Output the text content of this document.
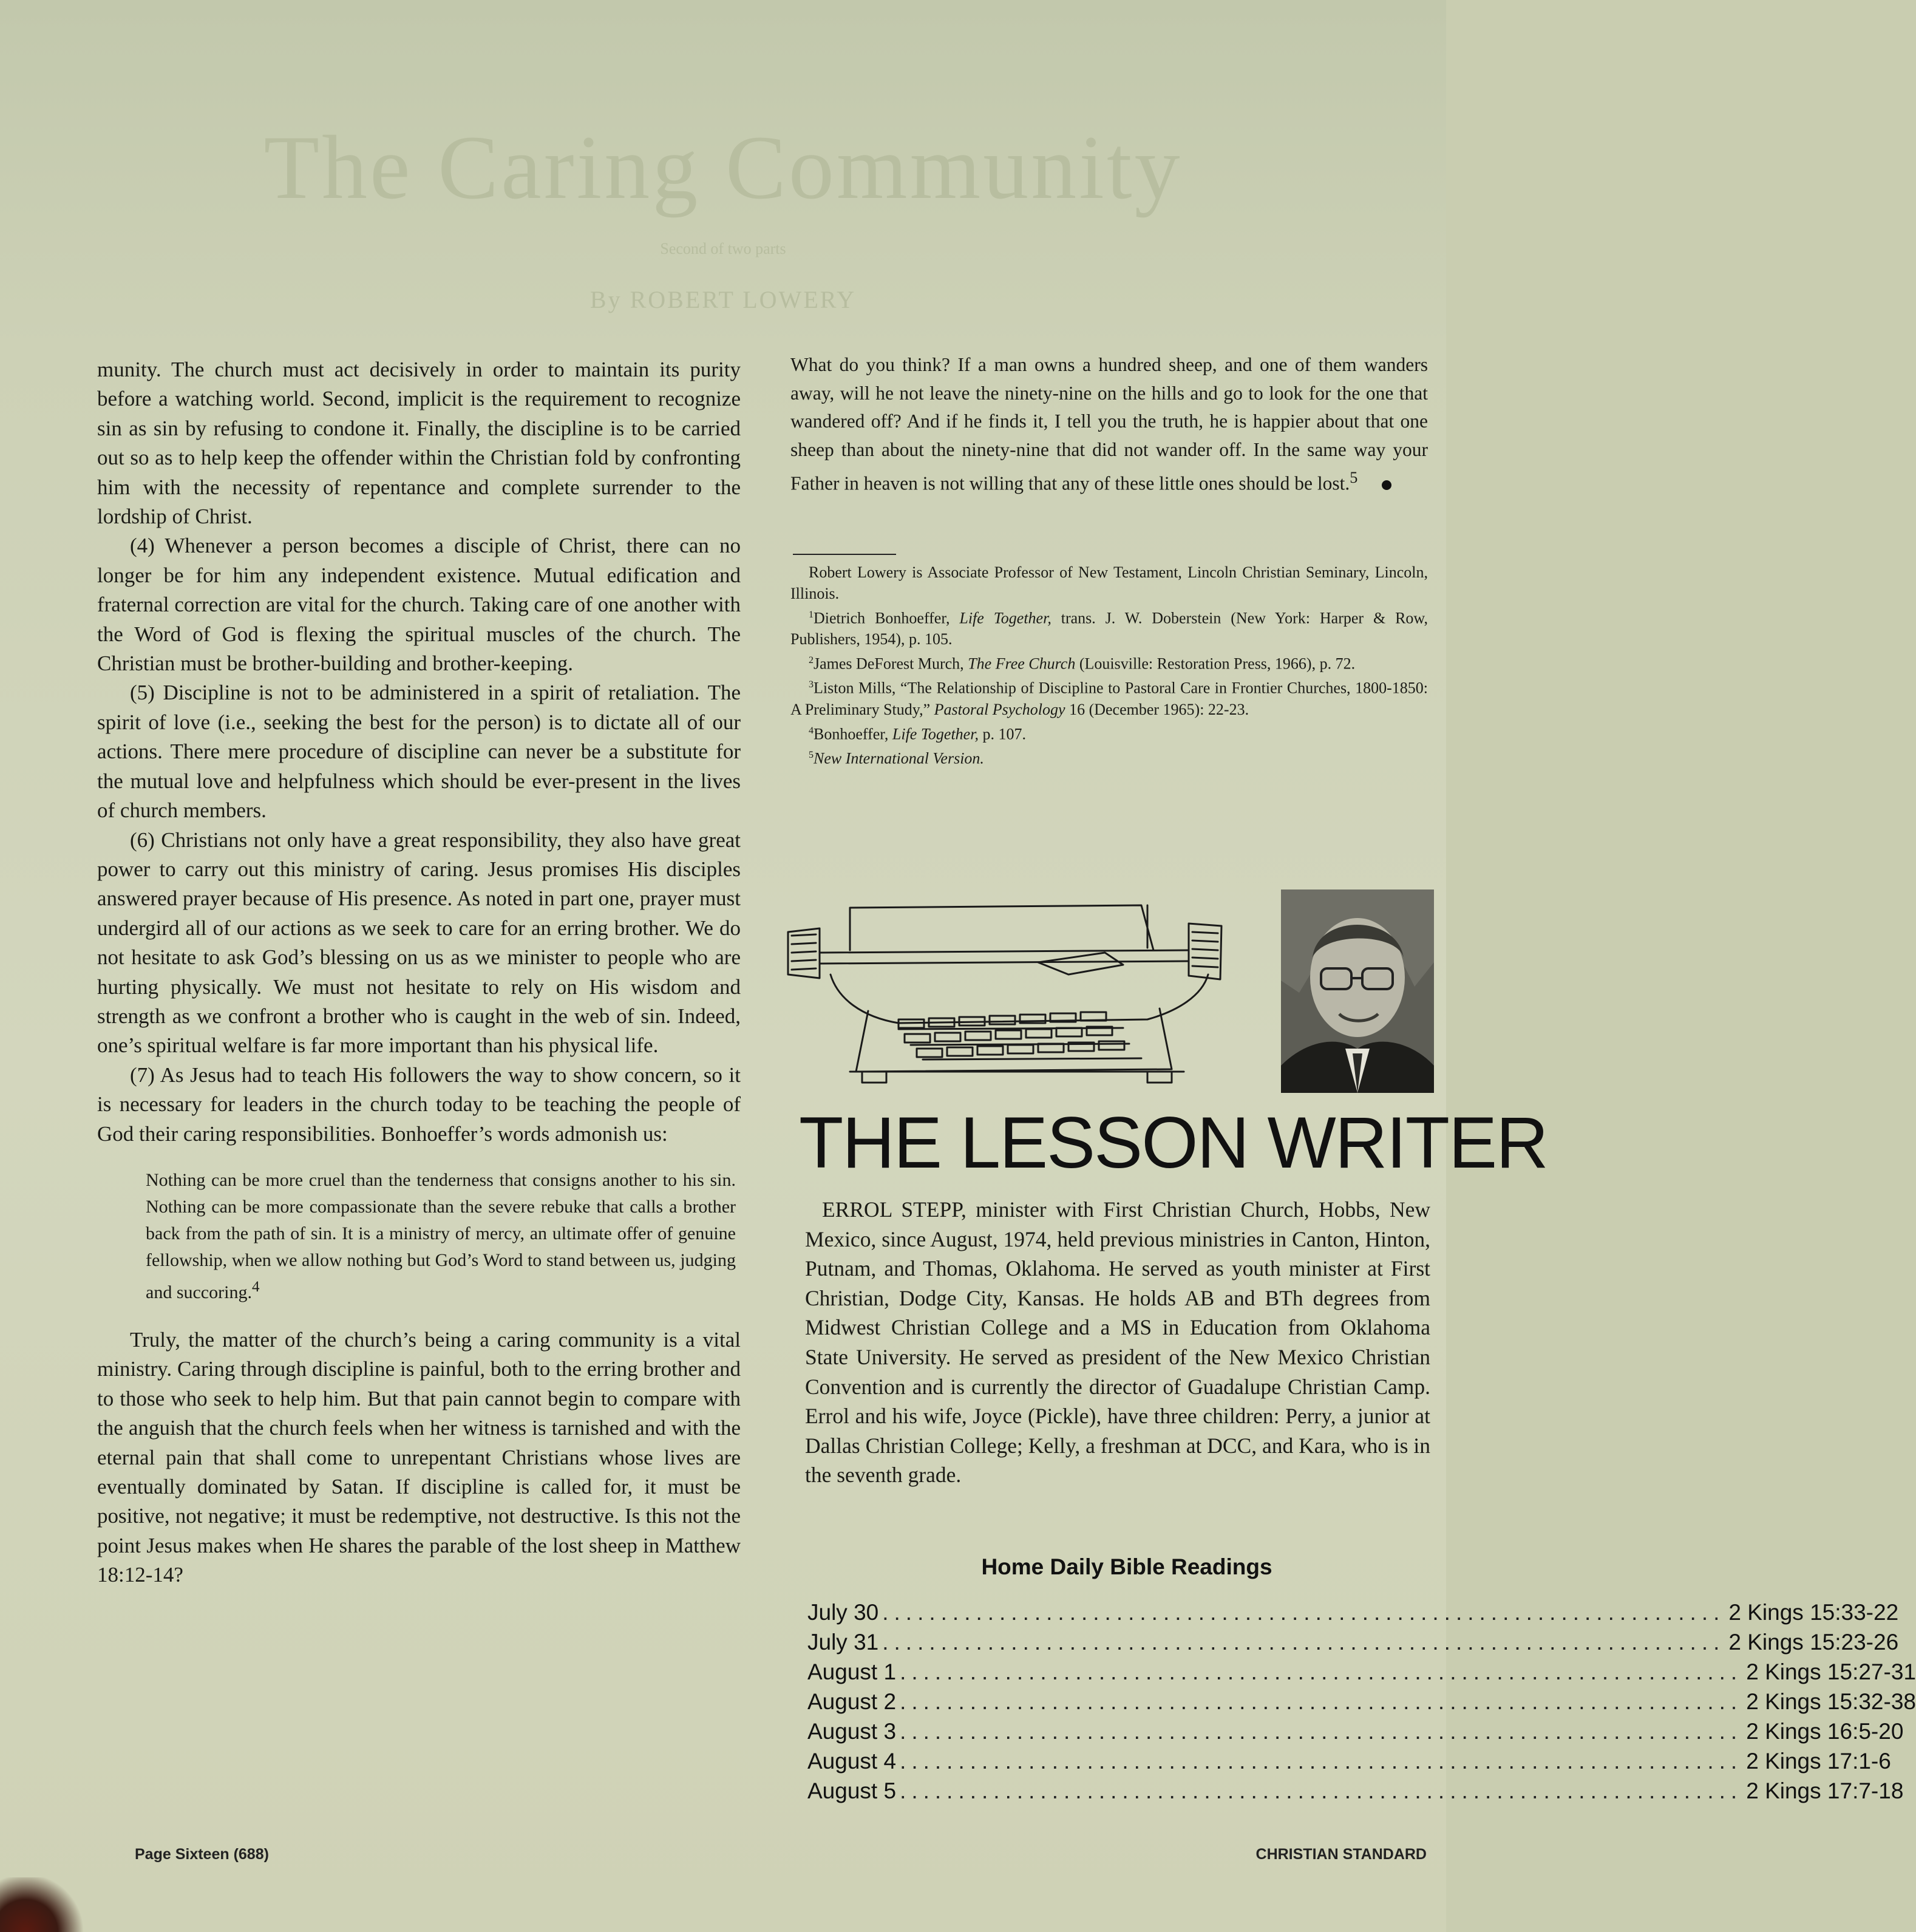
The Caring Community
Second of two parts
By ROBERT LOWERY

munity. The church must act decisively in order to maintain its purity before a watching world. Second, implicit is the requirement to recognize sin as sin by refusing to condone it. Finally, the discipline is to be carried out so as to help keep the offender within the Christian fold by confronting him with the necessity of repentance and complete surrender to the lordship of Christ.

(4) Whenever a person becomes a disciple of Christ, there can no longer be for him any independent existence. Mutual edification and fraternal correction are vital for the church. Taking care of one another with the Word of God is flexing the spiritual muscles of the church. The Christian must be brother-building and brother-keeping.

(5) Discipline is not to be administered in a spirit of retaliation. The spirit of love (i.e., seeking the best for the person) is to dictate all of our actions. There mere procedure of discipline can never be a substitute for the mutual love and helpfulness which should be ever-present in the lives of church members.

(6) Christians not only have a great responsibility, they also have great power to carry out this ministry of caring. Jesus promises His disciples answered prayer because of His presence. As noted in part one, prayer must undergird all of our actions as we seek to care for an erring brother. We do not hesitate to ask God’s blessing on us as we minister to people who are hurting physically. We must not hesitate to rely on His wisdom and strength as we confront a brother who is caught in the web of sin. Indeed, one’s spiritual welfare is far more important than his physical life.

(7) As Jesus had to teach His followers the way to show concern, so it is necessary for leaders in the church today to be teaching the people of God their caring responsibilities. Bonhoeffer’s words admonish us:

Nothing can be more cruel than the tenderness that consigns another to his sin. Nothing can be more compassionate than the severe rebuke that calls a brother back from the path of sin. It is a ministry of mercy, an ultimate offer of genuine fellowship, when we allow nothing but God’s Word to stand between us, judging and succoring.$^4$

Truly, the matter of the church’s being a caring community is a vital ministry. Caring through discipline is painful, both to the erring brother and to those who seek to help him. But that pain cannot begin to compare with the anguish that the church feels when her witness is tarnished and with the eternal pain that shall come to unrepentant Christians whose lives are eventually dominated by Satan. If discipline is called for, it must be positive, not negative; it must be redemptive, not destructive. Is this not the point Jesus makes when He shares the parable of the lost sheep in Matthew 18:12-14?

What do you think? If a man owns a hundred sheep, and one of them wanders away, will he not leave the ninety-nine on the hills and go to look for the one that wandered off? And if he finds it, I tell you the truth, he is happier about that one sheep than about the ninety-nine that did not wander off. In the same way your Father in heaven is not willing that any of these little ones should be lost.$^5$

Robert Lowery is Associate Professor of New Testament, Lincoln Christian Seminary, Lincoln, Illinois.

$^1$Dietrich Bonhoeffer, Life Together, trans. J. W. Doberstein (New York: Harper & Row, Publishers, 1954), p. 105.

$^2$James DeForest Murch, The Free Church (Louisville: Restoration Press, 1966), p. 72.

$^3$Liston Mills, “The Relationship of Discipline to Pastoral Care in Frontier Churches, 1800-1850: A Preliminary Study,” Pastoral Psychology 16 (December 1965): 22-23.

$^4$Bonhoeffer, Life Together, p. 107.

$^5$New International Version.

THE LESSON WRITER

ERROL STEPP, minister with First Christian Church, Hobbs, New Mexico, since August, 1974, held previous ministries in Canton, Hinton, Putnam, and Thomas, Oklahoma. He served as youth minister at First Christian, Dodge City, Kansas. He holds AB and BTh degrees from Midwest Christian College and a MS in Education from Oklahoma State University. He served as president of the New Mexico Christian Convention and is currently the director of Guadalupe Christian Camp. Errol and his wife, Joyce (Pickle), have three children: Perry, a junior at Dallas Christian College; Kelly, a freshman at DCC, and Kara, who is in the seventh grade.

Home Daily Bible Readings
July 30 ........................................................................ 2 Kings 15:33-22
July 31 ........................................................................ 2 Kings 15:23-26
August 1 ........................................................................ 2 Kings 15:27-31
August 2 ........................................................................ 2 Kings 15:32-38
August 3 ........................................................................ 2 Kings 16:5-20
August 4 ........................................................................ 2 Kings 17:1-6
August 5 ........................................................................ 2 Kings 17:7-18
Page Sixteen (688)	CHRISTIAN STANDARD
